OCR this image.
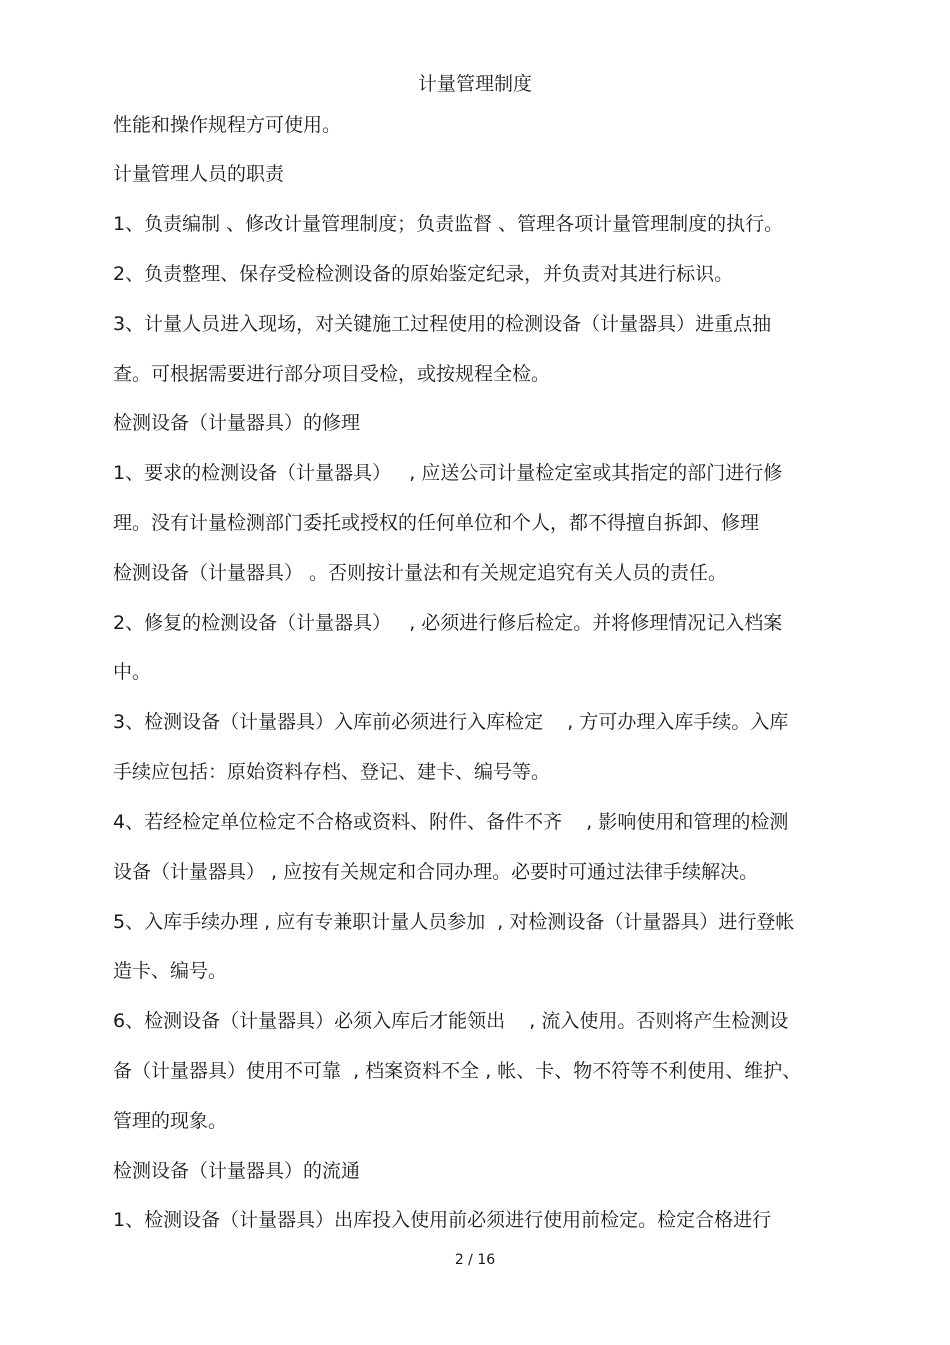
计量管理制度
性能和操作规程方可使用。
计量管理人员的职责
1、负责编制 、修改计量管理制度；负责监督 、管理各项计量管理制度的执行。
2、负责整理、保存受检检测设备的原始鉴定纪录，并负责对其进行标识。
3、计量人员进入现场，对关键施工过程使用的检测设备（计量器具）进重点抽
查。可根据需要进行部分项目受检，或按规程全检。
检测设备（计量器具）的修理
1、要求的检测设备（计量器具）   , 应送公司计量检定室或其指定的部门进行修
理。没有计量检测部门委托或授权的任何单位和个人，都不得擅自拆卸、修理
检测设备（计量器具） 。否则按计量法和有关规定追究有关人员的责任。
2、修复的检测设备（计量器具）   , 必须进行修后检定。并将修理情况记入档案
中。
3、检测设备（计量器具）入库前必须进行入库检定    , 方可办理入库手续。入库
手续应包括：原始资料存档、登记、建卡、编号等。
4、若经检定单位检定不合格或资料、附件、备件不齐    , 影响使用和管理的检测
设备（计量器具） , 应按有关规定和合同办理。必要时可通过法律手续解决。
5、入库手续办理 , 应有专兼职计量人员参加  , 对检测设备（计量器具）进行登帐
造卡、编号。
6、检测设备（计量器具）必须入库后才能领出    , 流入使用。否则将产生检测设
备（计量器具）使用不可靠  , 档案资料不全 , 帐、卡、物不符等不利使用、维护、
管理的现象。
检测设备（计量器具）的流通
1、检测设备（计量器具）出库投入使用前必须进行使用前检定。检定合格进行
2 / 16
